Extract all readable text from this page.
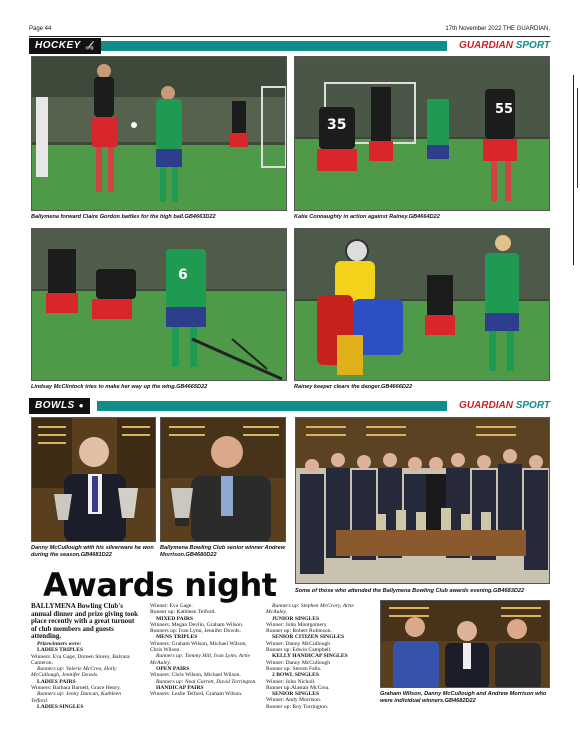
Page 44	17th November 2022 THE GUARDIAN,
HOCKEY 🏑︎	GUARDIAN SPORT
Ballymena forward Claire Gordon battles for the high ball.GB4663D22
35
55
Katie Connaughty in action against Rainey.GB4664D22
6
Lindsay McClintock tries to make her way up the wing.GB4665D22	Rainey keeper clears the danger.GB4666D22
BOWLS ●	GUARDIAN SPORT
Danny McCullough with his silverware he won during the season.GB4681D22
Ballymena Bowling Club senior winner Andrew Morrison.GB4680D22
Some of those who attended the Ballymena Bowling Club awards evening.GB4683D22
Graham Wilson, Danny McCullough and Andrew Morrison who were individual winners.GB4682D22
Awards night

BALLYMENA Bowling Club's annual dinner and prize giving took place recently with a great turnout of club members and guests attending.

Prizewinners were:

LADIES TRIPLES

Winners: Eva Gage, Doreen Storey, Balvara Cameron.

Runners up: Valerie McCrea, Holly McCullough, Jennifer Dowds.

LADIES PAIRS

Winners: Barbara Barnett, Grace Henry.

Runners up: Jenny Duncan, Kathleen Telford.

LADIES SINGLES

Winner: Eva Gage.

Runner up: Kathleen Telford.

MIXED PAIRS

Winners: Megan Devlin, Graham Wilson.

Runners up: Ivan Lynn, Jennifer Dowds.

MENS TRIPLES

Winners: Graham Wilson, Michael Wilson, Chris Wilson.

Runners up: Tommy Hill, Ivan Lynn, Artie McAuley.

OPEN PAIRS

Winners: Chris Wilson, Michael Wilson.

Runners up: Neal Garrett, David Torrington.

HANDICAP PAIRS

Winners: Leslie Telford, Graham Wilson.

Runners up: Stephen McCrory, Artie McAuley.

JUNIOR SINGLES

Winner: John Montgomery

Runner up: Robert Robinson.

SENIOR CITIZEN SINGLES

Winner: Danny McCullough

Runner up: Edwin Campbell.

KELLY HANDICAP SINGLES

Winner: Danny McCullough

Runner up: Steven Falls.

2 BOWL SINGLES

Winner: John Nicholl.

Runner up:Alastair McCrea.

SENIOR SINGLES

Winner: Andy Morrison.

Runner up: Roy Torrington.
